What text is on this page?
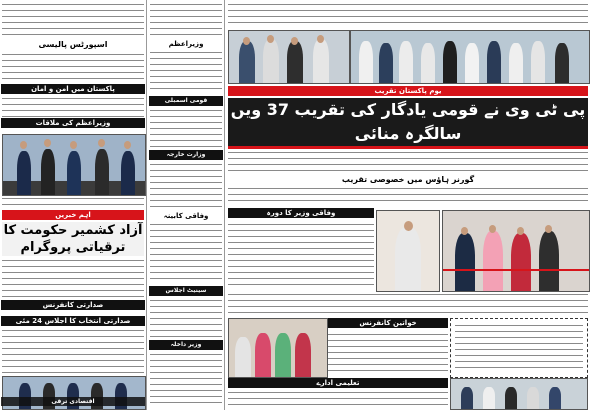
اسپورٹس پالیسی
پاکستان میں امن و امان
وزیراعظم کی ملاقات
اہم خبریں
آزاد کشمیر حکومت کا ترقیاتی پروگرام
صدارتی کانفرنس
صدارتی انتخاب کا اجلاس 24 مئی
اقتصادی ترقی
وزیراعظم
قومی اسمبلی
وزارت خارجہ
وفاقی کابینہ
سینیٹ اجلاس
وزیر داخلہ
یوم پاکستان تقریب
پی ٹی وی نے قومی یادگار کی تقریب 37 ویں سالگرہ منائی
گورنر ہاؤس میں خصوصی تقریب
وفاقی وزیر کا دورہ
خواتین کانفرنس
تعلیمی ادارے
